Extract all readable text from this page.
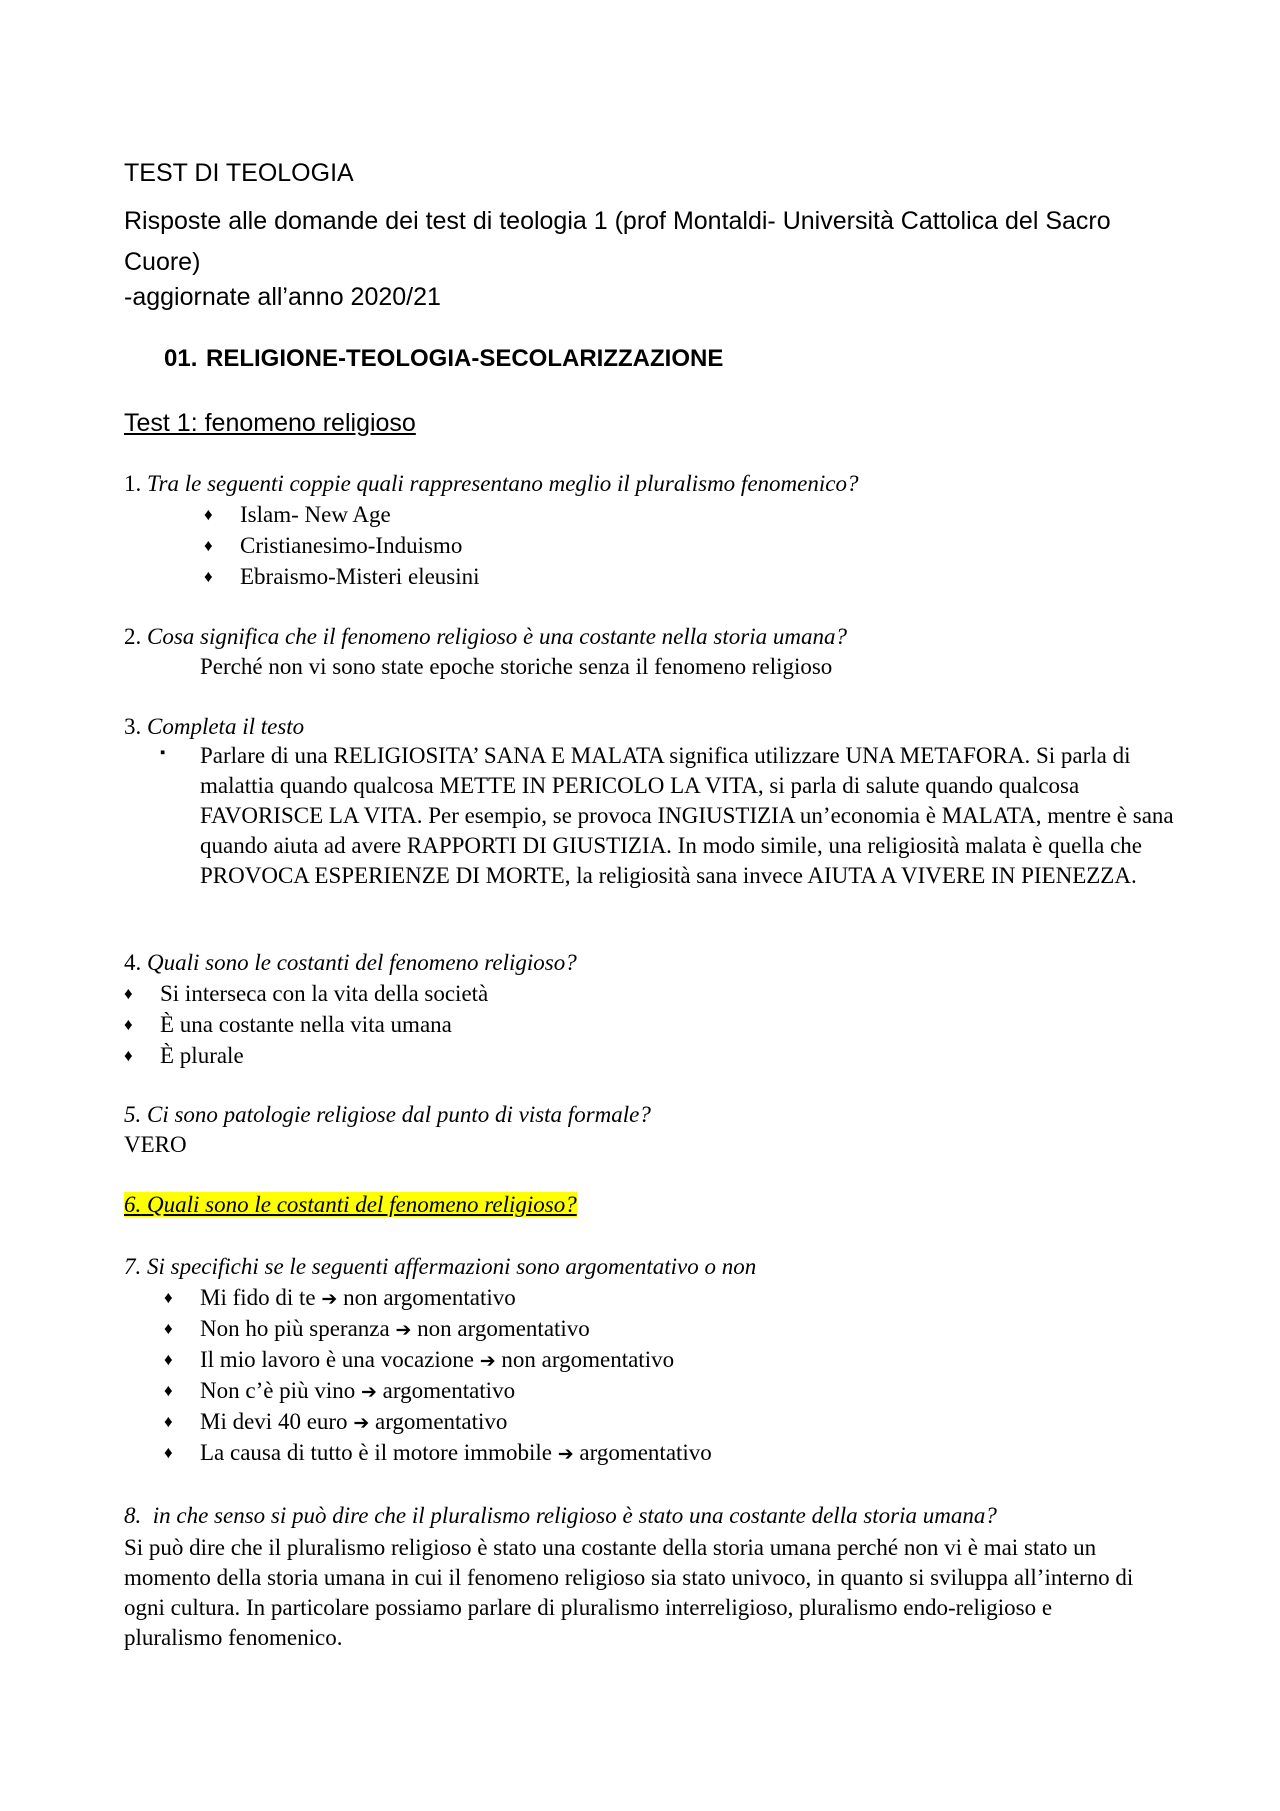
TEST DI TEOLOGIA
Risposte alle domande dei test di teologia 1 (prof Montaldi- Università Cattolica del Sacro Cuore)
-aggiornate all’anno 2020/21
01. RELIGIONE-TEOLOGIA-SECOLARIZZAZIONE
Test 1: fenomeno religioso
1. Tra le seguenti coppie quali rappresentano meglio il pluralismo fenomenico?
♦ Islam- New Age
♦ Cristianesimo-Induismo
♦ Ebraismo-Misteri eleusini
2. Cosa significa che il fenomeno religioso è una costante nella storia umana?
Perché non vi sono state epoche storiche senza il fenomeno religioso
3. Completa il testo
▪ Parlare di una RELIGIOSITA’ SANA E MALATA significa utilizzare UNA METAFORA. Si parla di malattia quando qualcosa METTE IN PERICOLO LA VITA, si parla di salute quando qualcosa FAVORISCE LA VITA. Per esempio, se provoca INGIUSTIZIA un’economia è MALATA, mentre è sana quando aiuta ad avere RAPPORTI DI GIUSTIZIA. In modo simile, una religiosità malata è quella che PROVOCA ESPERIENZE DI MORTE, la religiosità sana invece AIUTA A VIVERE IN PIENEZZA.
4. Quali sono le costanti del fenomeno religioso?
♦ Si interseca con la vita della società
♦ È una costante nella vita umana
♦ È plurale
5. Ci sono patologie religiose dal punto di vista formale?
VERO
6. Quali sono le costanti del fenomeno religioso?
7. Si specifichi se le seguenti affermazioni sono argomentativo o non
♦ Mi fido di te ➔ non argomentativo
♦ Non ho più speranza ➔ non argomentativo
♦ Il mio lavoro è una vocazione ➔ non argomentativo
♦ Non c’è più vino ➔ argomentativo
♦ Mi devi 40 euro ➔ argomentativo
♦ La causa di tutto è il motore immobile ➔ argomentativo
8. in che senso si può dire che il pluralismo religioso è stato una costante della storia umana?
Si può dire che il pluralismo religioso è stato una costante della storia umana perché non vi è mai stato un momento della storia umana in cui il fenomeno religioso sia stato univoco, in quanto si sviluppa all’interno di ogni cultura. In particolare possiamo parlare di pluralismo interreligioso, pluralismo endo-religioso e pluralismo fenomenico.
